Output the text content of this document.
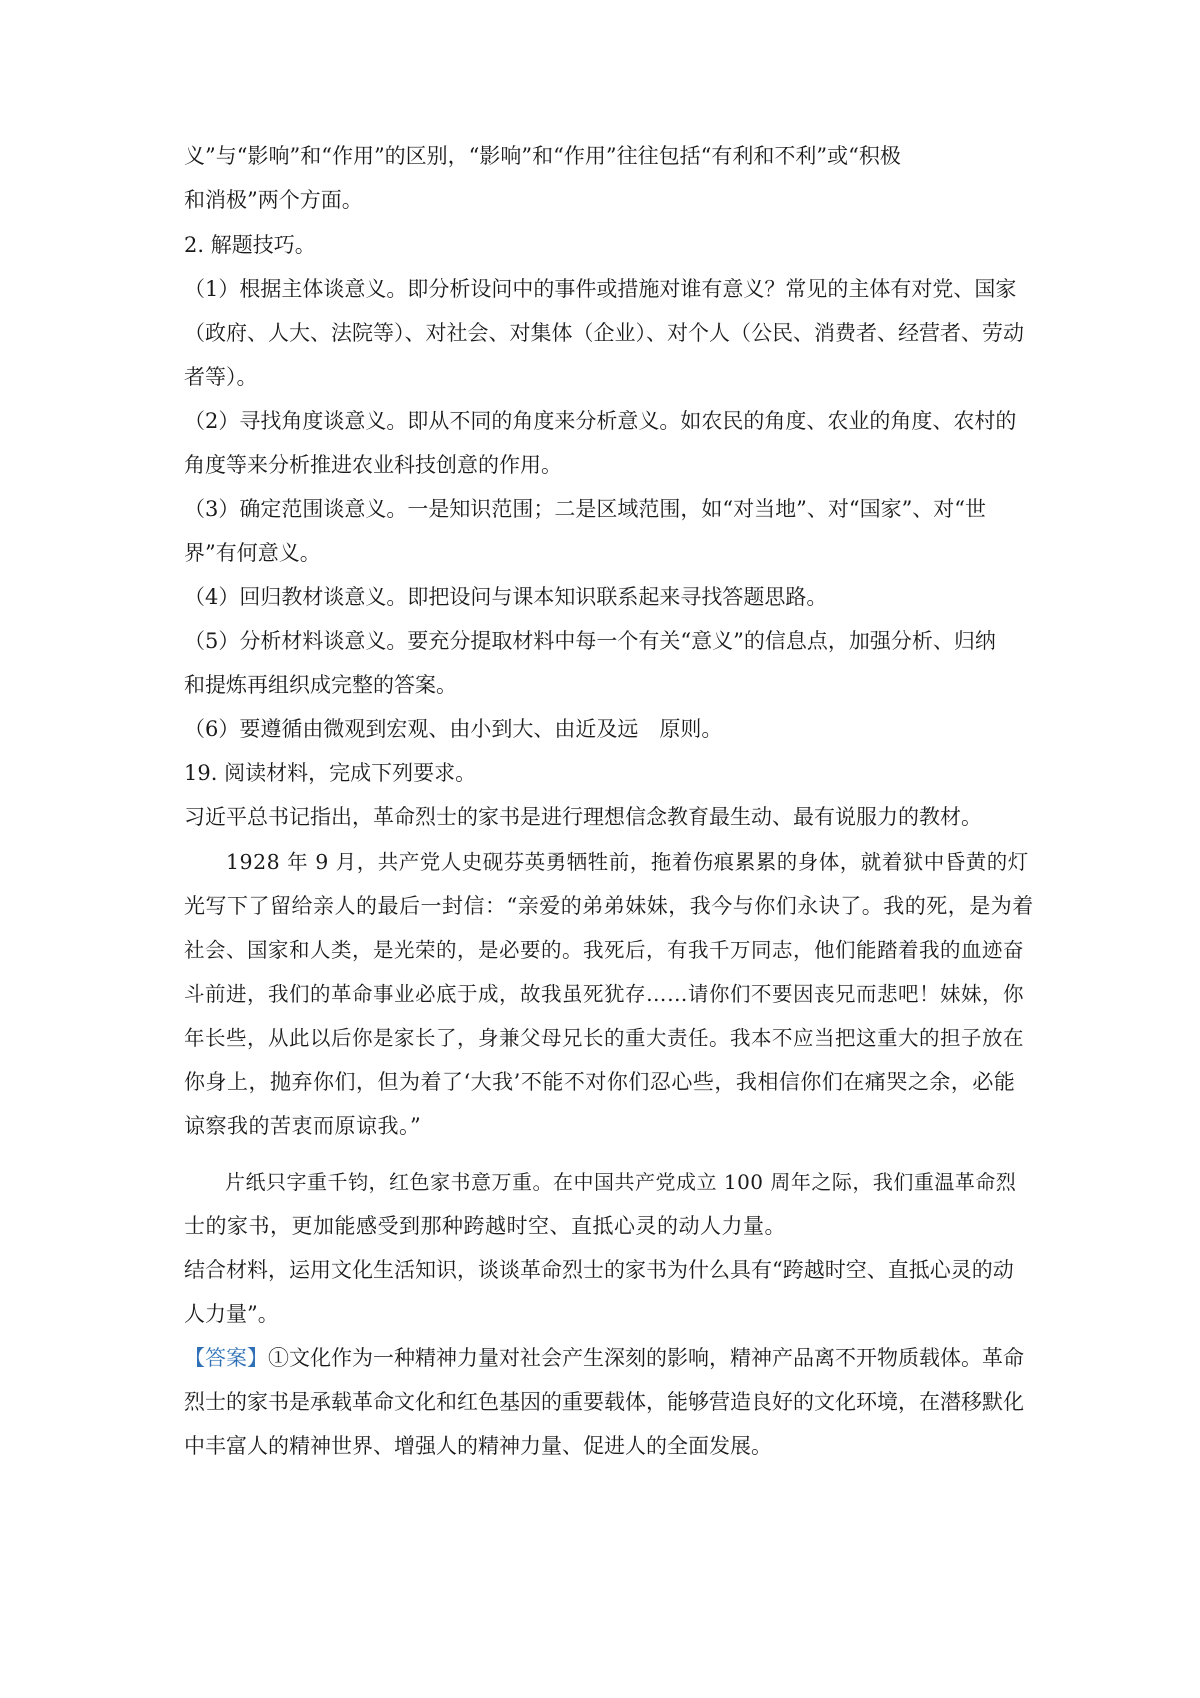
义”与“影响”和“作用”的区别，“影响”和“作用”往往包括“有利和不利”或“积极
和消极”两个方面。
2. 解题技巧。
（1）根据主体谈意义。即分析设问中的事件或措施对谁有意义？常见的主体有对党、国家
（政府、人大、法院等）、对社会、对集体（企业）、对个人（公民、消费者、经营者、劳动
者等）。
（2）寻找角度谈意义。即从不同的角度来分析意义。如农民的角度、农业的角度、农村的
角度等来分析推进农业科技创意的作用。
（3）确定范围谈意义。一是知识范围；二是区域范围，如“对当地”、对“国家”、对“世
界”有何意义。
（4）回归教材谈意义。即把设问与课本知识联系起来寻找答题思路。
（5）分析材料谈意义。要充分提取材料中每一个有关“意义”的信息点，加强分析、归纳
和提炼再组织成完整的答案。
（6）要遵循由微观到宏观、由小到大、由近及远　原则。
19. 阅读材料，完成下列要求。
习近平总书记指出，革命烈士的家书是进行理想信念教育最生动、最有说服力的教材。
　　1928 年 9 月，共产党人史砚芬英勇牺牲前，拖着伤痕累累的身体，就着狱中昏黄的灯
光写下了留给亲人的最后一封信：“亲爱的弟弟妹妹，我今与你们永诀了。我的死，是为着
社会、国家和人类，是光荣的，是必要的。我死后，有我千万同志，他们能踏着我的血迹奋
斗前进，我们的革命事业必底于成，故我虽死犹存……请你们不要因丧兄而悲吧！妹妹，你
年长些，从此以后你是家长了，身兼父母兄长的重大责任。我本不应当把这重大的担子放在
你身上，抛弃你们，但为着了‘大我’不能不对你们忍心些，我相信你们在痛哭之余，必能
谅察我的苦衷而原谅我。”
　　片纸只字重千钧，红色家书意万重。在中国共产党成立 100 周年之际，我们重温革命烈
士的家书，更加能感受到那种跨越时空、直抵心灵的动人力量。
结合材料，运用文化生活知识，谈谈革命烈士的家书为什么具有“跨越时空、直抵心灵的动
人力量”。
【答案】①文化作为一种精神力量对社会产生深刻的影响，精神产品离不开物质载体。革命
烈士的家书是承载革命文化和红色基因的重要载体，能够营造良好的文化环境，在潜移默化
中丰富人的精神世界、增强人的精神力量、促进人的全面发展。
